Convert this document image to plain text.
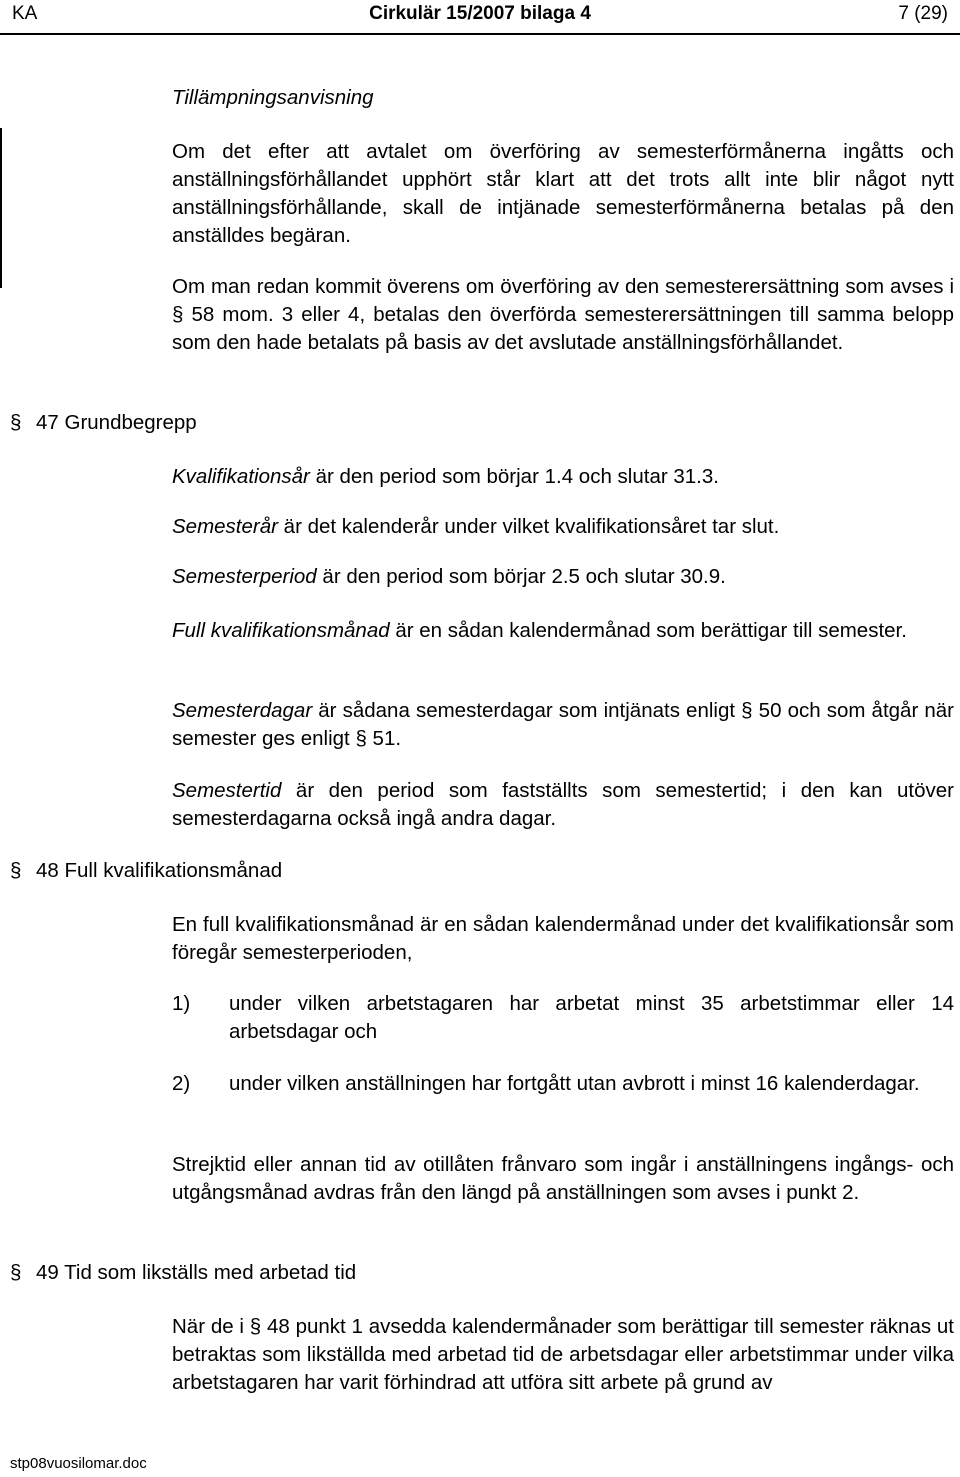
KA	Cirkulär 15/2007 bilaga 4	7 (29)
Tillämpningsanvisning
Om det efter att avtalet om överföring av semesterförmånerna ingåtts och anställningsförhållandet upphört står klart att det trots allt inte blir något nytt anställningsförhållande, skall de intjänade semesterförmånerna betalas på den anställdes begäran.
Om man redan kommit överens om överföring av den semesterersättning som avses i § 58 mom. 3 eller 4, betalas den överförda semesterersättningen till samma belopp som den hade betalats på basis av det avslutade anställningsförhållandet.
§ 47 Grundbegrepp
Kvalifikationsår är den period som börjar 1.4 och slutar 31.3.
Semesterår är det kalenderår under vilket kvalifikationsåret tar slut.
Semesterperiod är den period som börjar 2.5 och slutar 30.9.
Full kvalifikationsmånad är en sådan kalendermånad som berättigar till semester.
Semesterdagar är sådana semesterdagar som intjänats enligt § 50 och som åtgår när semester ges enligt § 51.
Semestertid är den period som fastställts som semestertid; i den kan utöver semesterdagarna också ingå andra dagar.
§ 48 Full kvalifikationsmånad
En full kvalifikationsmånad är en sådan kalendermånad under det kvalifikationsår som föregår semesterperioden,
1) under vilken arbetstagaren har arbetat minst 35 arbetstimmar eller 14 arbetsdagar och
2) under vilken anställningen har fortgått utan avbrott i minst 16 kalenderdagar.
Strejktid eller annan tid av otillåten frånvaro som ingår i anställningens ingångs- och utgångsmånad avdras från den längd på anställningen som avses i punkt 2.
§ 49 Tid som likställs med arbetad tid
När de i § 48 punkt 1 avsedda kalendermånader som berättigar till semester räknas ut betraktas som likställda med arbetad tid de arbetsdagar eller arbetstimmar under vilka arbetstagaren har varit förhindrad att utföra sitt arbete på grund av
stp08vuosilomar.doc
